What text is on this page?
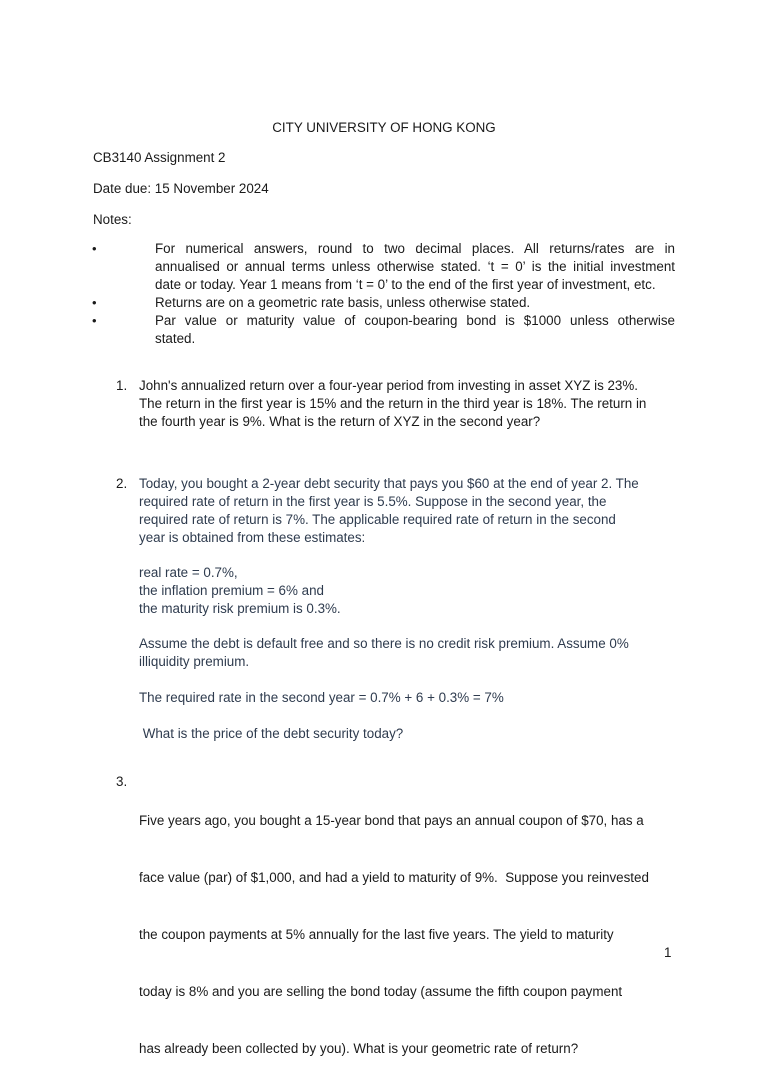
CITY UNIVERSITY OF HONG KONG

CB3140 Assignment 2

Date due: 15 November 2024

Notes:

•	For numerical answers, round to two decimal places. All returns/rates are in
annualised or annual terms unless otherwise stated. ‘t = 0’ is the initial investment
date or today. Year 1 means from ‘t = 0’ to the end of the first year of investment, etc.
•	Returns are on a geometric rate basis, unless otherwise stated.
•	Par value or maturity value of coupon-bearing bond is $1000 unless otherwise
stated.
1. John's annualized return over a four-year period from investing in asset XYZ is 23%.
The return in the first year is 15% and the return in the third year is 18%. The return in
the fourth year is 9%. What is the return of XYZ in the second year?
2. Today, you bought a 2-year debt security that pays you $60 at the end of year 2. The
required rate of return in the first year is 5.5%. Suppose in the second year, the
required rate of return is 7%. The applicable required rate of return in the second
year is obtained from these estimates:
real rate = 0.7%,
the inflation premium = 6% and
the maturity risk premium is 0.3%.
Assume the debt is default free and so there is no credit risk premium. Assume 0%
illiquidity premium.
The required rate in the second year = 0.7% + 6 + 0.3% = 7%
What is the price of the debt security today?
3.

Five years ago, you bought a 15-year bond that pays an annual coupon of $70, has a

face value (par) of $1,000, and had a yield to maturity of 9%.  Suppose you reinvested

the coupon payments at 5% annually for the last five years. The yield to maturity

today is 8% and you are selling the bond today (assume the fifth coupon payment

has already been collected by you). What is your geometric rate of return?

1
